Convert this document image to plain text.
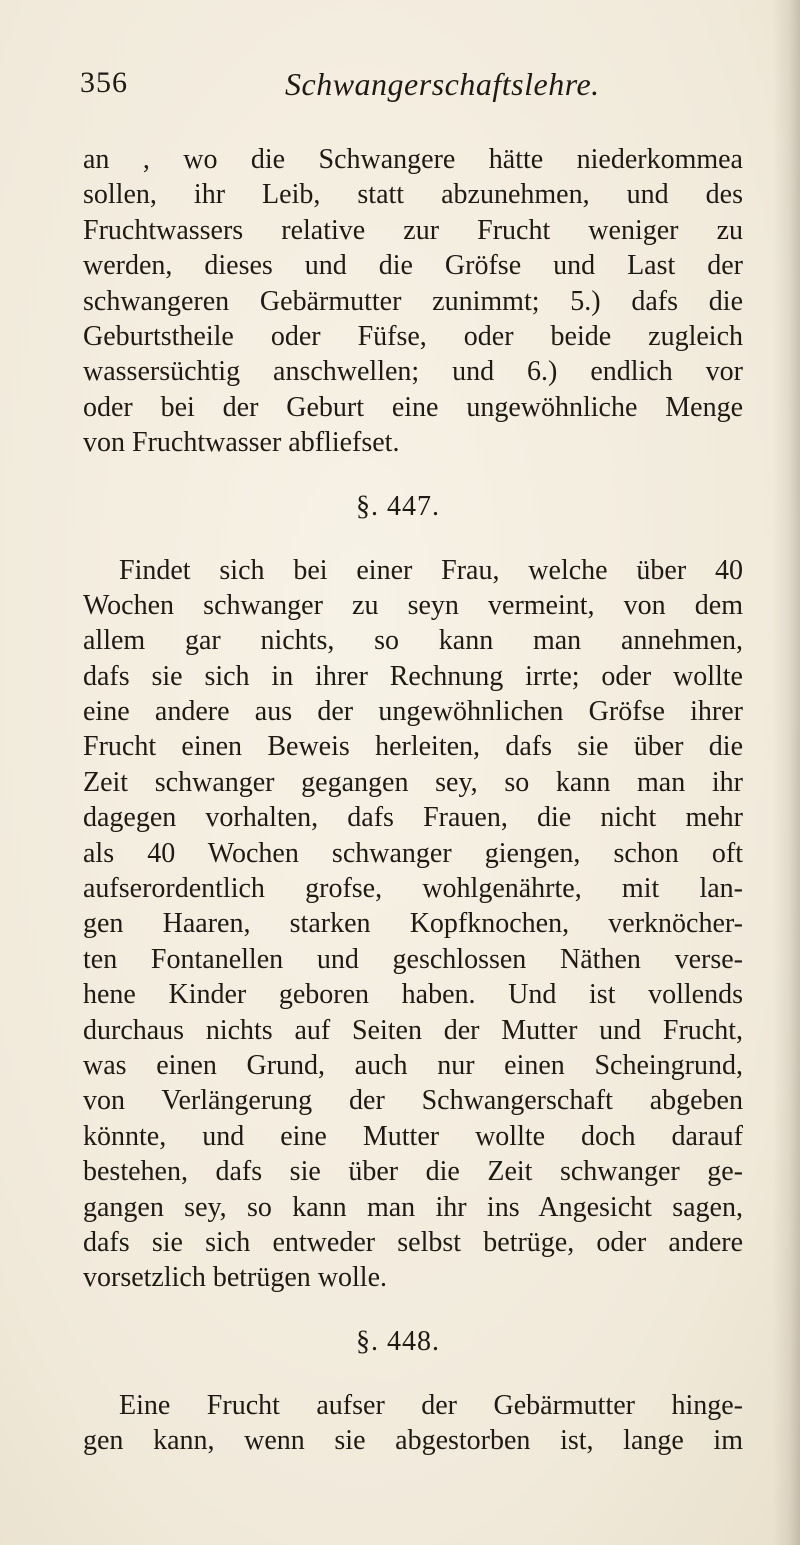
356	Schwangerschaftslehre.
an , wo die Schwangere hätte niederkommea
sollen, ihr Leib, statt abzunehmen, und des
Fruchtwassers relative zur Frucht weniger zu
werden, dieses und die Gröfse und Last der
schwangeren Gebärmutter zunimmt; 5.) dafs die
Geburtstheile oder Füfse, oder beide zugleich
wassersüchtig anschwellen; und 6.) endlich vor
oder bei der Geburt eine ungewöhnliche Menge
von Fruchtwasser abfliefset.
§. 447.
Findet sich bei einer Frau, welche über 40
Wochen schwanger zu seyn vermeint, von dem
allem gar nichts, so kann man annehmen,
dafs sie sich in ihrer Rechnung irrte; oder wollte
eine andere aus der ungewöhnlichen Gröfse ihrer
Frucht einen Beweis herleiten, dafs sie über die
Zeit schwanger gegangen sey, so kann man ihr
dagegen vorhalten, dafs Frauen, die nicht mehr
als 40 Wochen schwanger giengen, schon oft
aufserordentlich grofse, wohlgenährte, mit lan-
gen Haaren, starken Kopfknochen, verknöcher-
ten Fontanellen und geschlossen Näthen verse-
hene Kinder geboren haben. Und ist vollends
durchaus nichts auf Seiten der Mutter und Frucht,
was einen Grund, auch nur einen Scheingrund,
von Verlängerung der Schwangerschaft abgeben
könnte, und eine Mutter wollte doch darauf
bestehen, dafs sie über die Zeit schwanger ge-
gangen sey, so kann man ihr ins Angesicht sagen,
dafs sie sich entweder selbst betrüge, oder andere
vorsetzlich betrügen wolle.
§. 448.
Eine Frucht aufser der Gebärmutter hinge-
gen kann, wenn sie abgestorben ist, lange im
